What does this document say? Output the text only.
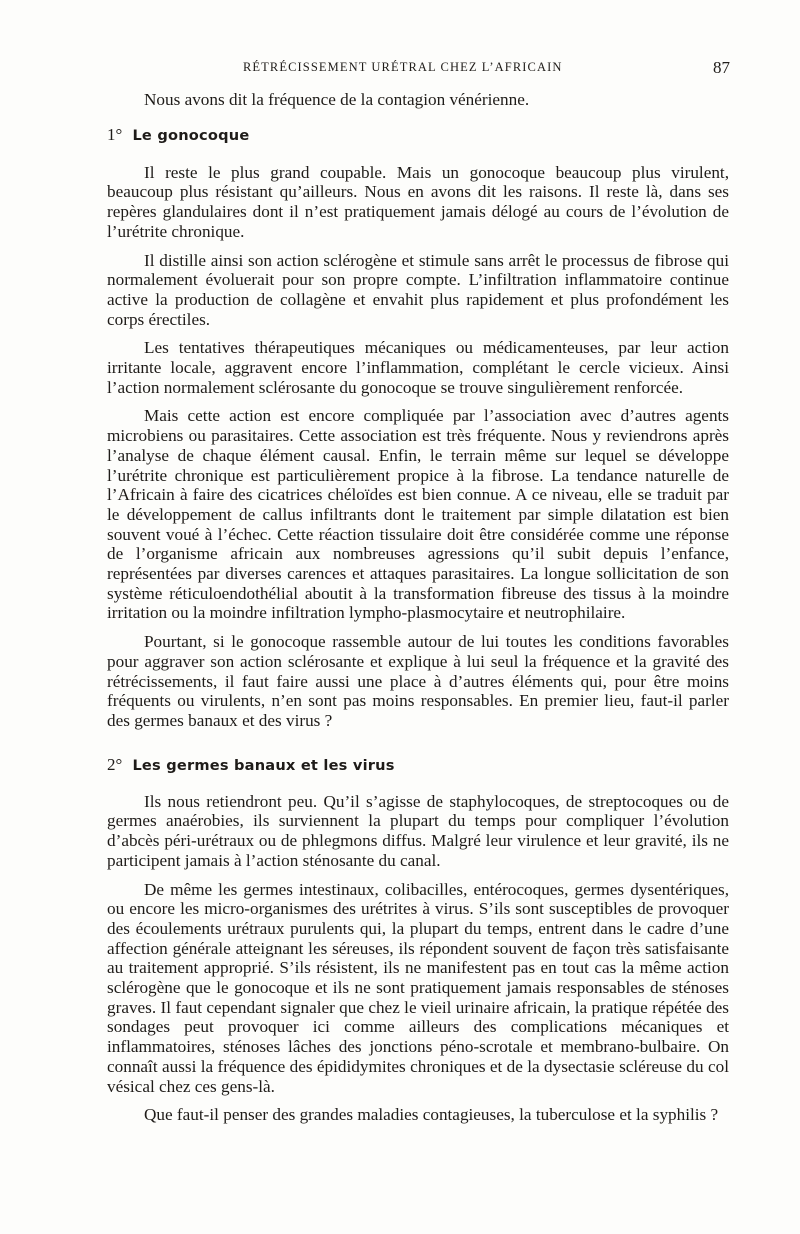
RÉTRÉCISSEMENT URÉTRAL CHEZ L’AFRICAIN	87

Nous avons dit la fréquence de la contagion vénérienne.

1° Le gonocoque

Il reste le plus grand coupable. Mais un gonocoque beaucoup plus virulent, beaucoup plus résistant qu’ailleurs. Nous en avons dit les raisons. Il reste là, dans ses repères glandulaires dont il n’est pratiquement jamais délogé au cours de l’évolution de l’urétrite chronique.

Il distille ainsi son action sclérogène et stimule sans arrêt le processus de fibrose qui normalement évoluerait pour son propre compte. L’infiltration inflammatoire continue active la production de collagène et envahit plus rapidement et plus profondément les corps érectiles.

Les tentatives thérapeutiques mécaniques ou médicamenteuses, par leur action irritante locale, aggravent encore l’inflammation, complétant le cercle vicieux. Ainsi l’action normalement sclérosante du gonocoque se trouve singulièrement renforcée.

Mais cette action est encore compliquée par l’association avec d’autres agents microbiens ou parasitaires. Cette association est très fréquente. Nous y reviendrons après l’analyse de chaque élément causal. Enfin, le terrain même sur lequel se développe l’urétrite chronique est particulièrement propice à la fibrose. La tendance naturelle de l’Africain à faire des cicatrices chéloïdes est bien connue. A ce niveau, elle se traduit par le développement de callus infiltrants dont le traitement par simple dilatation est bien souvent voué à l’échec. Cette réaction tissulaire doit être considérée comme une réponse de l’organisme africain aux nombreuses agressions qu’il subit depuis l’enfance, représentées par diverses carences et attaques parasitaires. La longue sollicitation de son système réticuloendothélial aboutit à la transformation fibreuse des tissus à la moindre irritation ou la moindre infiltration lympho-plasmocytaire et neutrophilaire.

Pourtant, si le gonocoque rassemble autour de lui toutes les conditions favorables pour aggraver son action sclérosante et explique à lui seul la fréquence et la gravité des rétrécissements, il faut faire aussi une place à d’autres éléments qui, pour être moins fréquents ou virulents, n’en sont pas moins responsables. En premier lieu, faut-il parler des germes banaux et des virus ?

2° Les germes banaux et les virus

Ils nous retiendront peu. Qu’il s’agisse de staphylocoques, de streptocoques ou de germes anaérobies, ils surviennent la plupart du temps pour compliquer l’évolution d’abcès péri-urétraux ou de phlegmons diffus. Malgré leur virulence et leur gravité, ils ne participent jamais à l’action sténosante du canal.

De même les germes intestinaux, colibacilles, entérocoques, germes dysentériques, ou encore les micro-organismes des urétrites à virus. S’ils sont susceptibles de provoquer des écoulements urétraux purulents qui, la plupart du temps, entrent dans le cadre d’une affection générale atteignant les séreuses, ils répondent souvent de façon très satisfaisante au traitement approprié. S’ils résistent, ils ne manifestent pas en tout cas la même action sclérogène que le gonocoque et ils ne sont pratiquement jamais responsables de sténoses graves. Il faut cependant signaler que chez le vieil urinaire africain, la pratique répétée des sondages peut provoquer ici comme ailleurs des complications mécaniques et inflammatoires, sténoses lâches des jonctions péno-scrotale et membrano-bulbaire. On connaît aussi la fréquence des épididymites chroniques et de la dysectasie scléreuse du col vésical chez ces gens-là.

Que faut-il penser des grandes maladies contagieuses, la tuberculose et la syphilis ?
